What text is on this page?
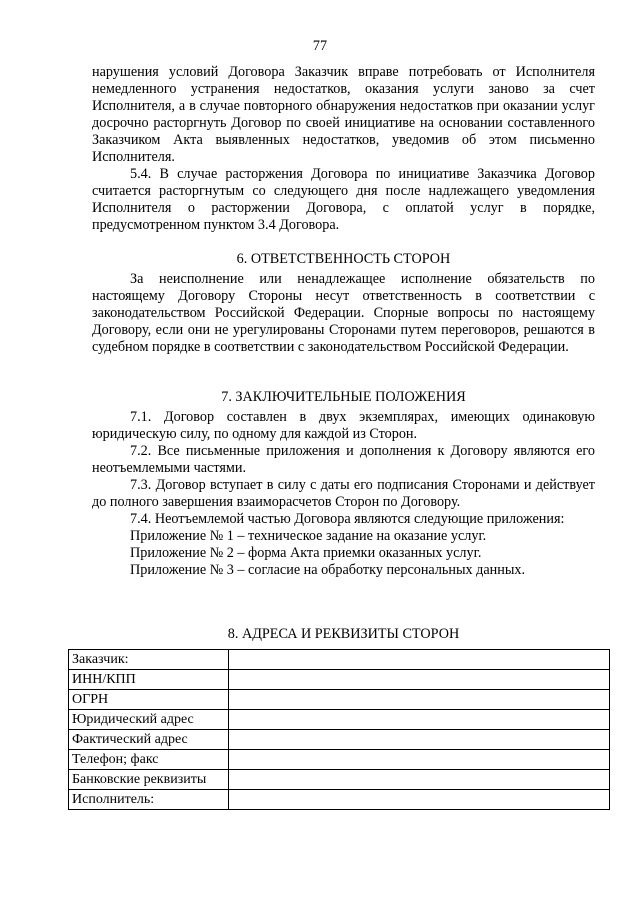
77

нарушения условий Договора Заказчик вправе потребовать от Исполнителя немедленного устранения недостатков, оказания услуги заново за счет Исполнителя, а в случае повторного обнаружения недостатков при оказании услуг досрочно расторгнуть Договор по своей инициативе на основании составленного Заказчиком Акта выявленных недостатков, уведомив об этом письменно Исполнителя.

5.4. В случае расторжения Договора по инициативе Заказчика Договор считается расторгнутым со следующего дня после надлежащего уведомления Исполнителя о расторжении Договора, с оплатой услуг в порядке, предусмотренном пунктом 3.4 Договора.

6. ОТВЕТСТВЕННОСТЬ СТОРОН

За неисполнение или ненадлежащее исполнение обязательств по настоящему Договору Стороны несут ответственность в соответствии с законодательством Российской Федерации. Спорные вопросы по настоящему Договору, если они не урегулированы Сторонами путем переговоров, решаются в судебном порядке в соответствии с законодательством Российской Федерации.

7. ЗАКЛЮЧИТЕЛЬНЫЕ ПОЛОЖЕНИЯ

7.1. Договор составлен в двух экземплярах, имеющих одинаковую юридическую силу, по одному для каждой из Сторон.

7.2. Все письменные приложения и дополнения к Договору являются его неотъемлемыми частями.

7.3. Договор вступает в силу с даты его подписания Сторонами и действует до полного завершения взаиморасчетов Сторон по Договору.

7.4. Неотъемлемой частью Договора являются следующие приложения:

Приложение № 1 – техническое задание на оказание услуг.

Приложение № 2 – форма Акта приемки оказанных услуг.

Приложение № 3 – согласие на обработку персональных данных.

8. АДРЕСА И РЕКВИЗИТЫ СТОРОН

Заказчик:	
ИНН/КПП	
ОГРН	
Юридический адрес	
Фактический адрес	
Телефон; факс	
Банковские реквизиты	
Исполнитель:	
